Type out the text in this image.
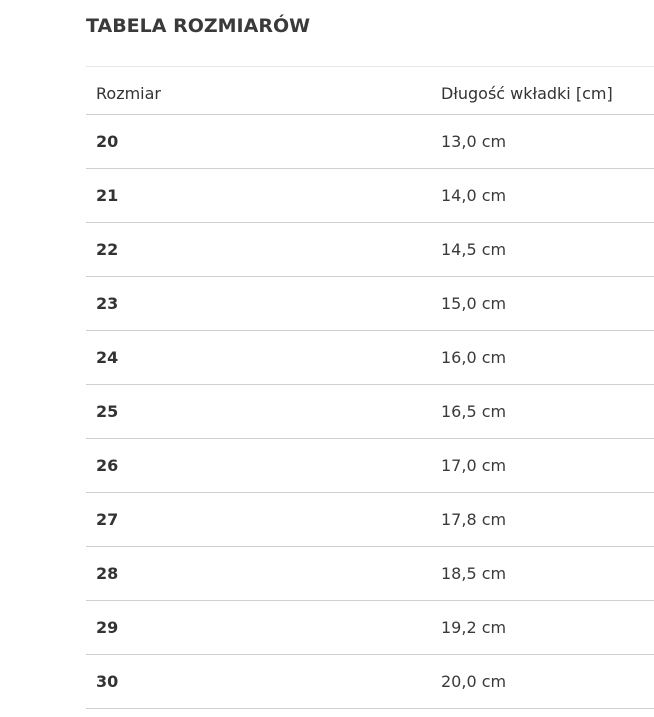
TABELA ROZMIARÓW
Rozmiar	Długość wkładki [cm]
20	13,0 cm
21	14,0 cm
22	14,5 cm
23	15,0 cm
24	16,0 cm
25	16,5 cm
26	17,0 cm
27	17,8 cm
28	18,5 cm
29	19,2 cm
30	20,0 cm
